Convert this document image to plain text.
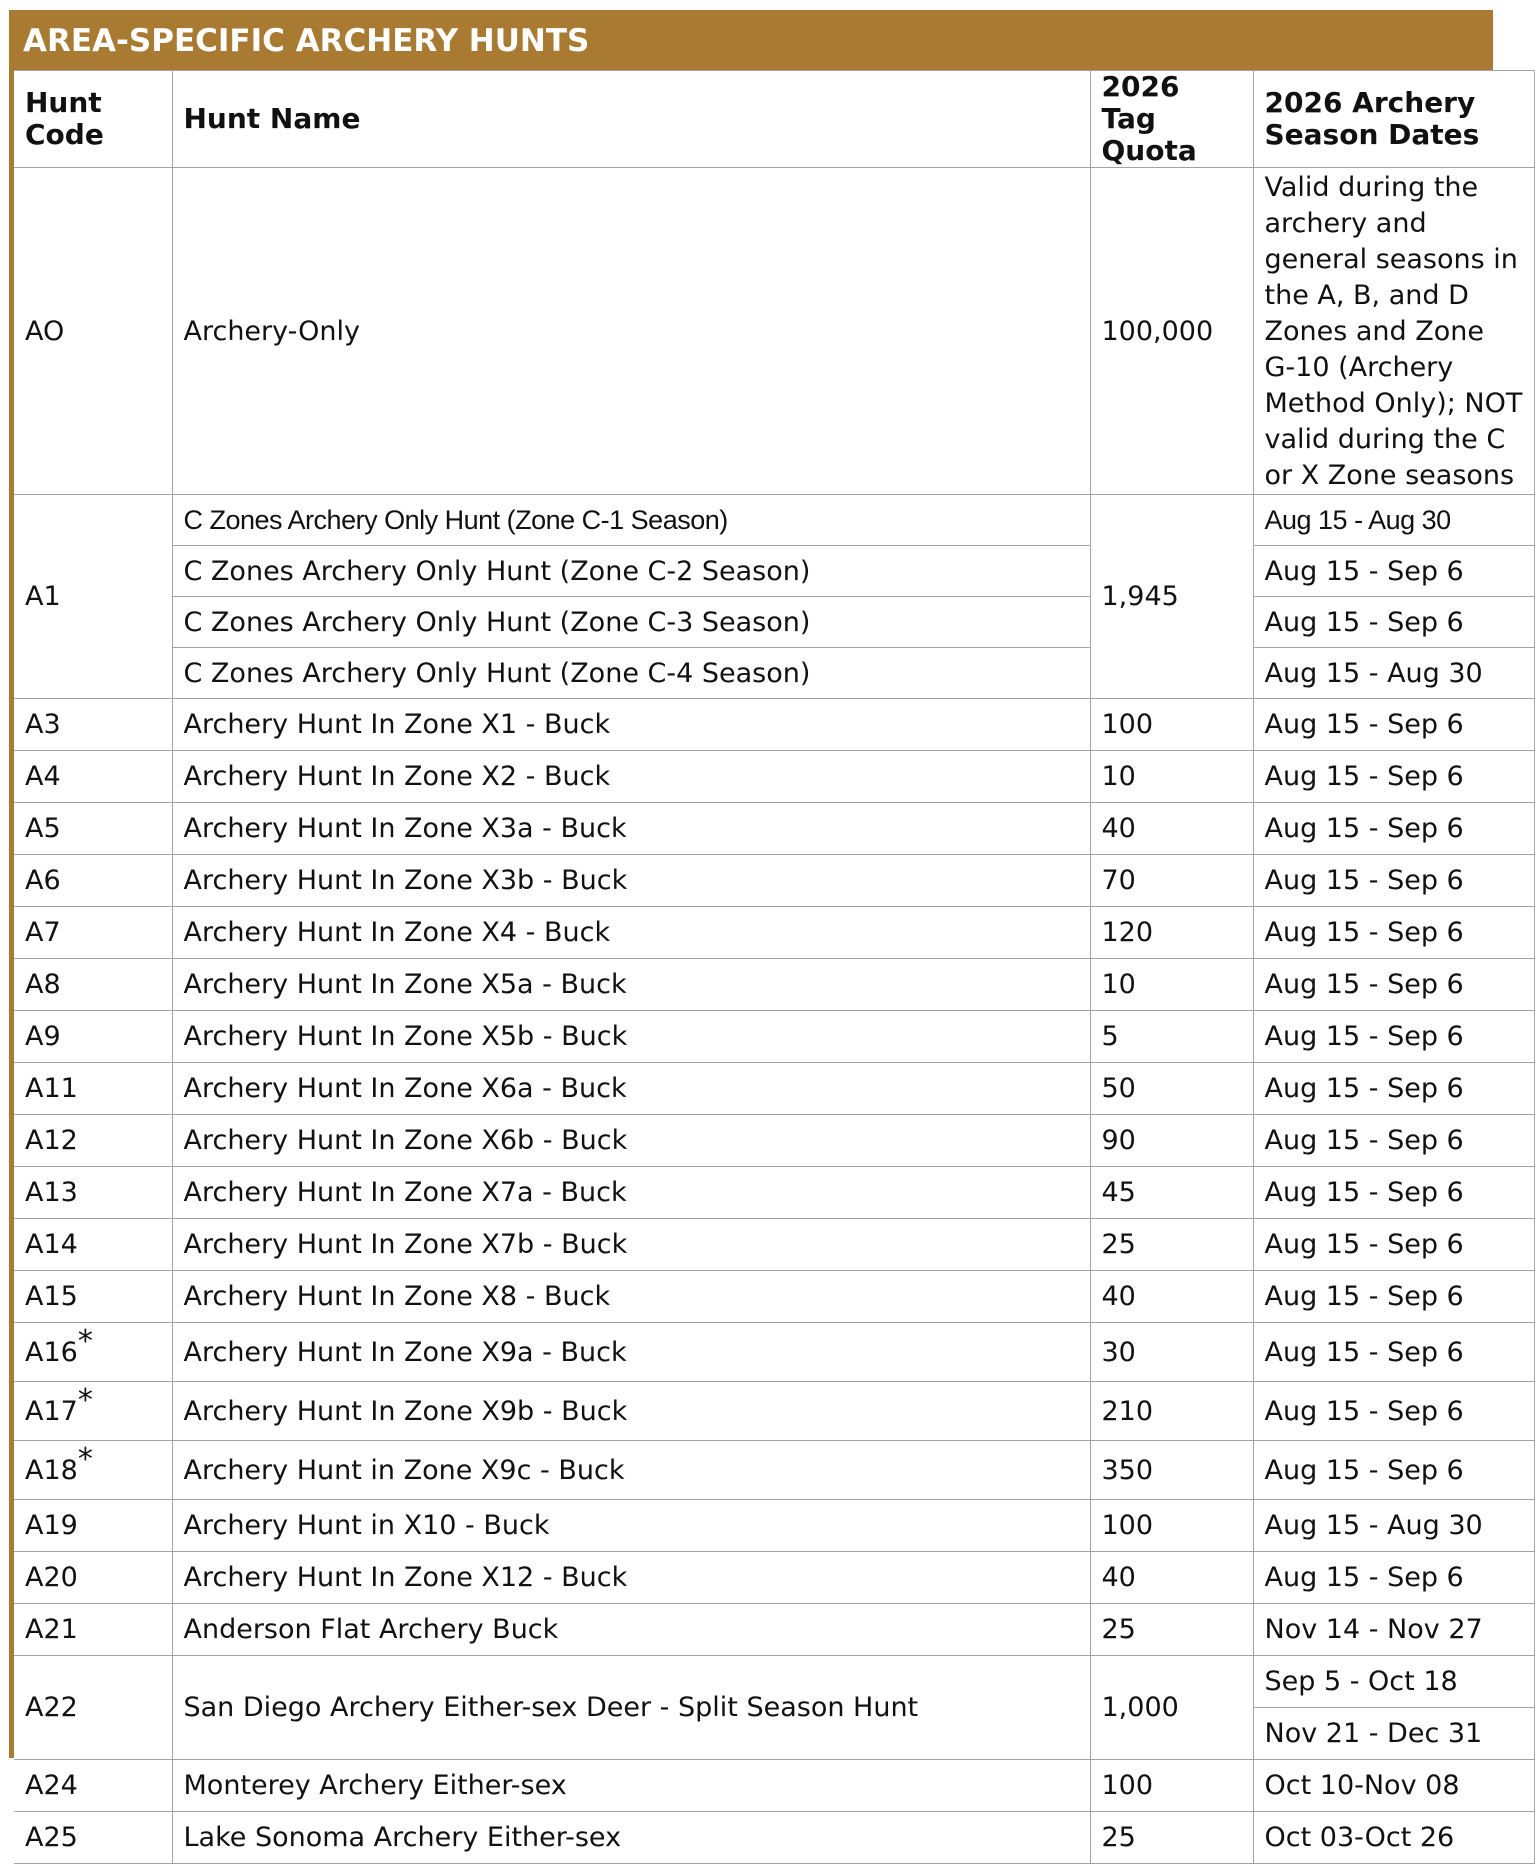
AREA-SPECIFIC ARCHERY HUNTS
Hunt Code	Hunt Name	2026 Tag Quota	2026 Archery Season Dates
AO	Archery-Only	100,000	Valid during the archery and general seasons in the A, B, and D Zones and Zone G-10 (Archery Method Only); NOT valid during the C or X Zone seasons
A1	C Zones Archery Only Hunt (Zone C-1 Season)	1,945	Aug 15 - Aug 30
	C Zones Archery Only Hunt (Zone C-2 Season)		Aug 15 - Sep 6
	C Zones Archery Only Hunt (Zone C-3 Season)		Aug 15 - Sep 6
	C Zones Archery Only Hunt (Zone C-4 Season)		Aug 15 - Aug 30
A3	Archery Hunt In Zone X1 - Buck	100	Aug 15 - Sep 6
A4	Archery Hunt In Zone X2 - Buck	10	Aug 15 - Sep 6
A5	Archery Hunt In Zone X3a - Buck	40	Aug 15 - Sep 6
A6	Archery Hunt In Zone X3b - Buck	70	Aug 15 - Sep 6
A7	Archery Hunt In Zone X4 - Buck	120	Aug 15 - Sep 6
A8	Archery Hunt In Zone X5a - Buck	10	Aug 15 - Sep 6
A9	Archery Hunt In Zone X5b - Buck	5	Aug 15 - Sep 6
A11	Archery Hunt In Zone X6a - Buck	50	Aug 15 - Sep 6
A12	Archery Hunt In Zone X6b - Buck	90	Aug 15 - Sep 6
A13	Archery Hunt In Zone X7a - Buck	45	Aug 15 - Sep 6
A14	Archery Hunt In Zone X7b - Buck	25	Aug 15 - Sep 6
A15	Archery Hunt In Zone X8 - Buck	40	Aug 15 - Sep 6
A16*	Archery Hunt In Zone X9a - Buck	30	Aug 15 - Sep 6
A17*	Archery Hunt In Zone X9b - Buck	210	Aug 15 - Sep 6
A18*	Archery Hunt in Zone X9c - Buck	350	Aug 15 - Sep 6
A19	Archery Hunt in X10 - Buck	100	Aug 15 - Aug 30
A20	Archery Hunt In Zone X12 - Buck	40	Aug 15 - Sep 6
A21	Anderson Flat Archery Buck	25	Nov 14 - Nov 27
A22	San Diego Archery Either-sex Deer - Split Season Hunt	1,000	Sep 5 - Oct 18
			Nov 21 - Dec 31
A24	Monterey Archery Either-sex	100	Oct 10-Nov 08
A25	Lake Sonoma Archery Either-sex	25	Oct 03-Oct 26
